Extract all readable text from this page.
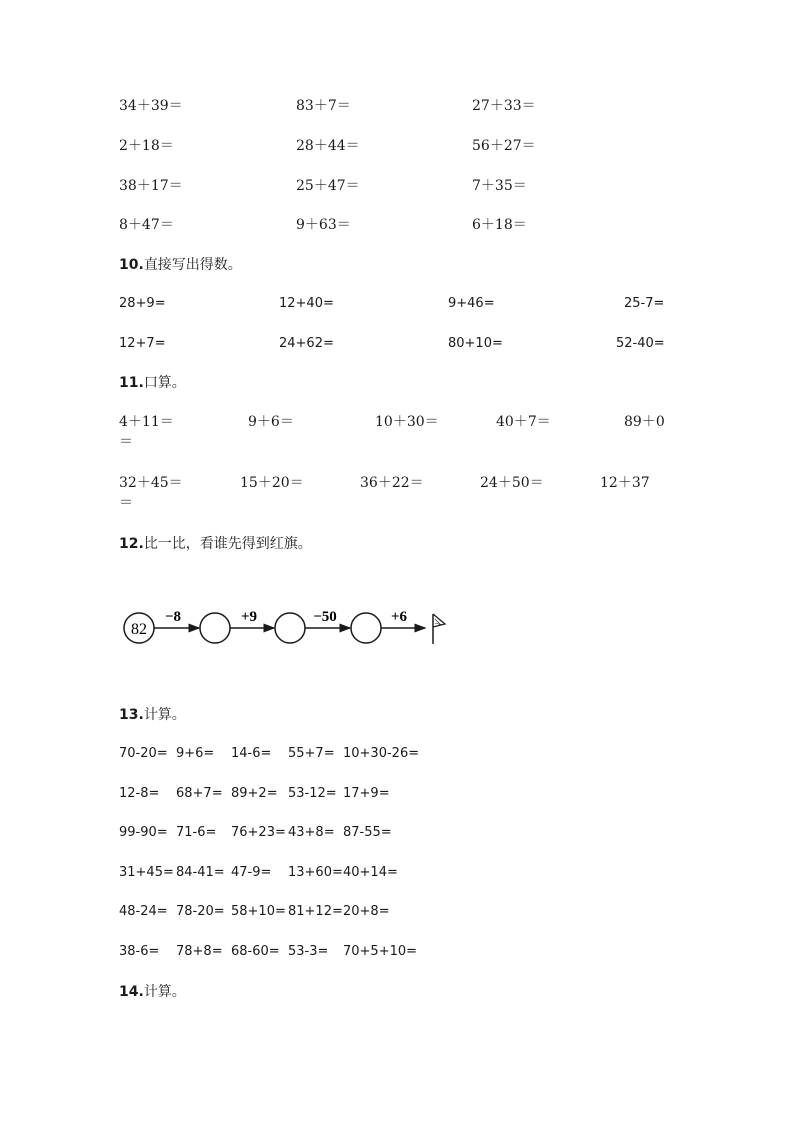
34＋39＝	83＋7＝	27＋33＝
2＋18＝	28＋44＝	56＋27＝
38＋17＝	25＋47＝	7＋35＝
8＋47＝	9＋63＝	6＋18＝
10.直接写出得数。
28+9=	12+40=	9+46=	25-7=
12+7=	24+62=	80+10=	52-40=
11.口算。
4＋11＝	9＋6＝	10＋30＝	40＋7＝	89＋0
＝
32＋45＝	15＋20＝	36＋22＝	24＋50＝	12＋37
＝
12.比一比，看谁先得到红旗。
82
−8	+9	−50	+6
13.计算。
70-20= 9+6= 14-6= 55+7= 10+30-26=
12-8= 68+7= 89+2= 53-12= 17+9=
99-90= 71-6= 76+23= 43+8= 87-55=
31+45= 84-41= 47-9= 13+60= 40+14=
48-24= 78-20= 58+10= 81+12= 20+8=
38-6= 78+8= 68-60= 53-3= 70+5+10=
14.计算。
